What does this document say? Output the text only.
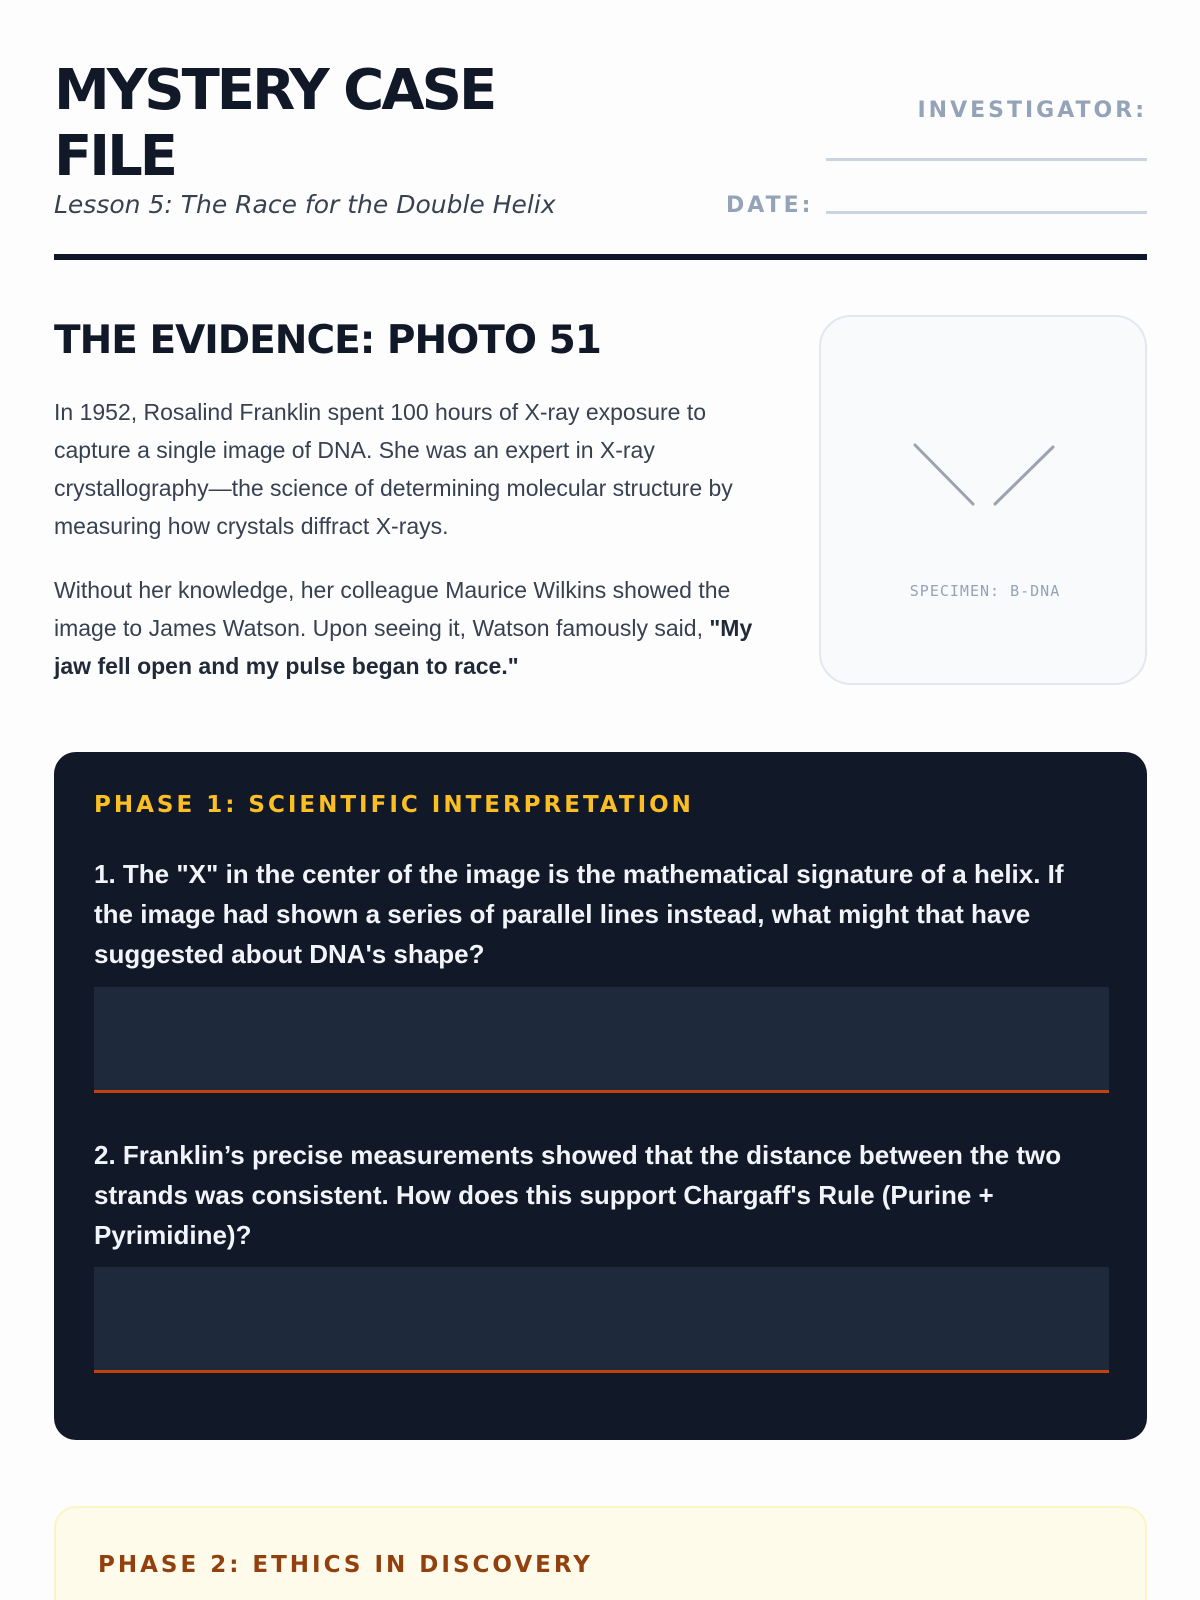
MYSTERY CASE FILE
Lesson 5: The Race for the Double Helix
INVESTIGATOR:
DATE:
THE EVIDENCE: PHOTO 51

In 1952, Rosalind Franklin spent 100 hours of X-ray exposure to capture a single image of DNA. She was an expert in X-ray crystallography—the science of determining molecular structure by measuring how crystals diffract X-rays.

Without her knowledge, her colleague Maurice Wilkins showed the image to James Watson. Upon seeing it, Watson famously said, "My jaw fell open and my pulse began to race."

SPECIMEN: B-DNA
PHASE 1: SCIENTIFIC INTERPRETATION
1. The "X" in the center of the image is the mathematical signature of a helix. If the image had shown a series of parallel lines instead, what might that have suggested about DNA's shape?
2. Franklin’s precise measurements showed that the distance between the two strands was consistent. How does this support Chargaff's Rule (Purine + Pyrimidine)?
PHASE 2: ETHICS IN DISCOVERY
